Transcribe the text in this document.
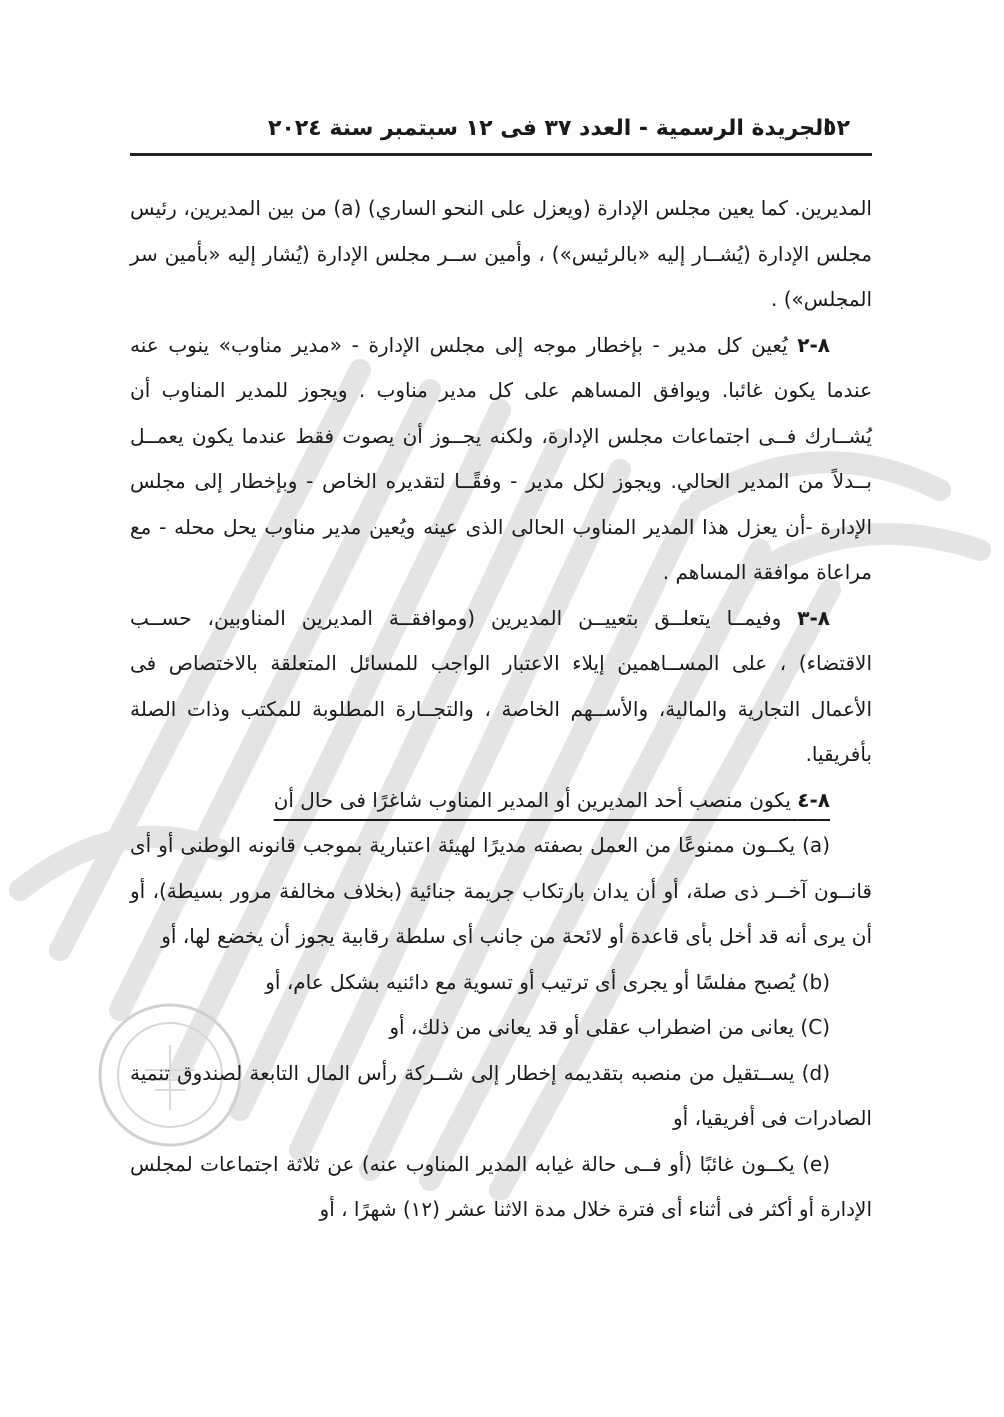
٥٢
الجريدة الرسمية - العدد ٣٧ فى ١٢ سبتمبر سنة ٢٠٢٤

المديرين. كما يعين مجلس الإدارة (ويعزل على النحو الساري) (a) من بين المديرين، رئيس مجلس الإدارة (يُشــار إليه «بالرئيس») ، وأمين ســر مجلس الإدارة (يُشار إليه «بأمين سر المجلس») .

٨-٢ يُعين كل مدير - بإخطار موجه إلى مجلس الإدارة - «مدير مناوب» ينوب عنه عندما يكون غائبا. ويوافق المساهم على كل مدير مناوب . ويجوز للمدير المناوب أن يُشــارك فــى اجتماعات مجلس الإدارة، ولكنه يجــوز أن يصوت فقط عندما يكون يعمــل بــدلاً من المدير الحالي. ويجوز لكل مدير - وفقًــا لتقديره الخاص - وبإخطار إلى مجلس الإدارة -أن يعزل هذا المدير المناوب الحالى الذى عينه ويُعين مدير مناوب يحل محله - مع مراعاة موافقة المساهم .

٨-٣ وفيمــا يتعلــق بتعييــن المديرين (وموافقــة المديرين المناوبين، حســب الاقتضاء) ، على المســاهمين إيلاء الاعتبار الواجب للمسائل المتعلقة بالاختصاص فى الأعمال التجارية والمالية، والأســهم الخاصة ، والتجــارة المطلوبة للمكتب وذات الصلة بأفريقيا.

٨-٤ يكون منصب أحد المديرين أو المدير المناوب شاغرًا فى حال أن

(a) يكــون ممنوعًا من العمل بصفته مديرًا لهيئة اعتبارية بموجب قانونه الوطنى أو أى قانــون آخــر ذى صلة، أو أن يدان بارتكاب جريمة جنائية (بخلاف مخالفة مرور بسيطة)، أو أن يرى أنه قد أخل بأى قاعدة أو لائحة من جانب أى سلطة رقابية يجوز أن يخضع لها، أو

(b) يُصبح مفلسًا أو يجرى أى ترتيب أو تسوية مع دائنيه بشكل عام، أو

(C) يعانى من اضطراب عقلى أو قد يعانى من ذلك، أو

(d) يســتقيل من منصبه بتقديمه إخطار إلى شــركة رأس المال التابعة لصندوق تنمية الصادرات فى أفريقيا، أو

(e) يكــون غائبًا (أو فــى حالة غيابه المدير المناوب عنه) عن ثلاثة اجتماعات لمجلس الإدارة أو أكثر فى أثناء أى فترة خلال مدة الاثنا عشر (١٢) شهرًا ، أو
